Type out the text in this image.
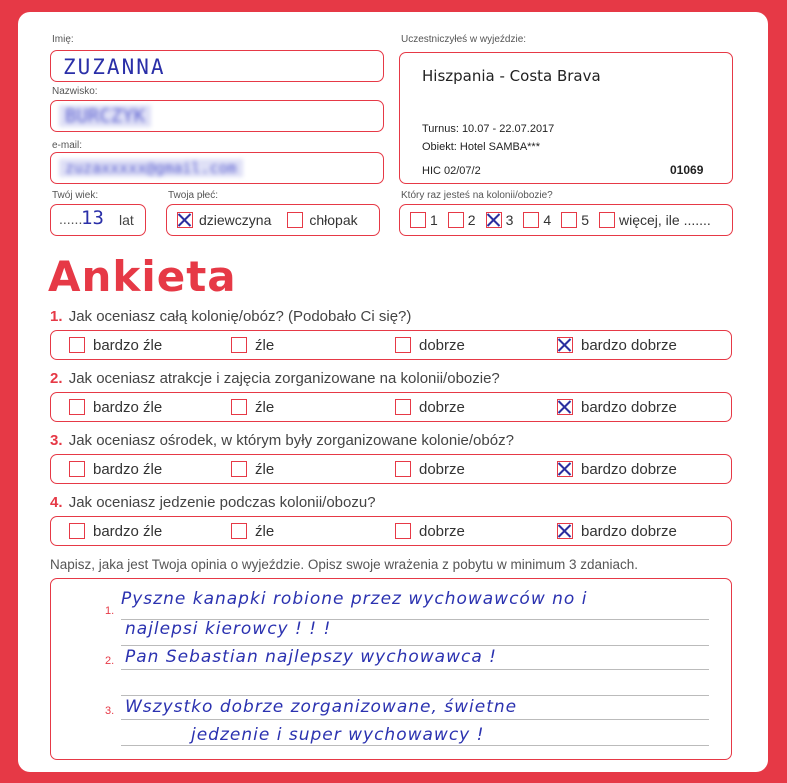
Imię:
ZUZANNA
Nazwisko:
BURCZYK
e-mail:
zuzaxxxxx@gmail.com
Twój wiek:
......
13 lat
Twoja płeć:
dziewczyna	chłopak
Uczestniczyłeś w wyjeździe:
Hiszpania - Costa Brava
Turnus: 10.07 - 22.07.2017
Obiekt: Hotel SAMBA***
HIC 02/07/2	01069
Który raz jesteś na kolonii/obozie?
1 2 3 4 5 więcej, ile .......
Ankieta
1. Jak oceniasz całą kolonię/obóz? (Podobało Ci się?)
bardzo źle	źle	dobrze	bardzo dobrze
2. Jak oceniasz atrakcje i zajęcia zorganizowane na kolonii/obozie?
bardzo źle	źle	dobrze	bardzo dobrze
3. Jak oceniasz ośrodek, w którym były zorganizowane kolonie/obóz?
bardzo źle	źle	dobrze	bardzo dobrze
4. Jak oceniasz jedzenie podczas kolonii/obozu?
bardzo źle	źle	dobrze	bardzo dobrze
Napisz, jaka jest Twoja opinia o wyjeździe. Opisz swoje wrażenia z pobytu w minimum 3 zdaniach.
1.
2.
3.
Pyszne kanapki robione przez wychowawców no i
najlepsi kierowcy ! ! !
Pan Sebastian najlepszy wychowawca !
Wszystko dobrze zorganizowane, świetne
jedzenie i super wychowawcy !
